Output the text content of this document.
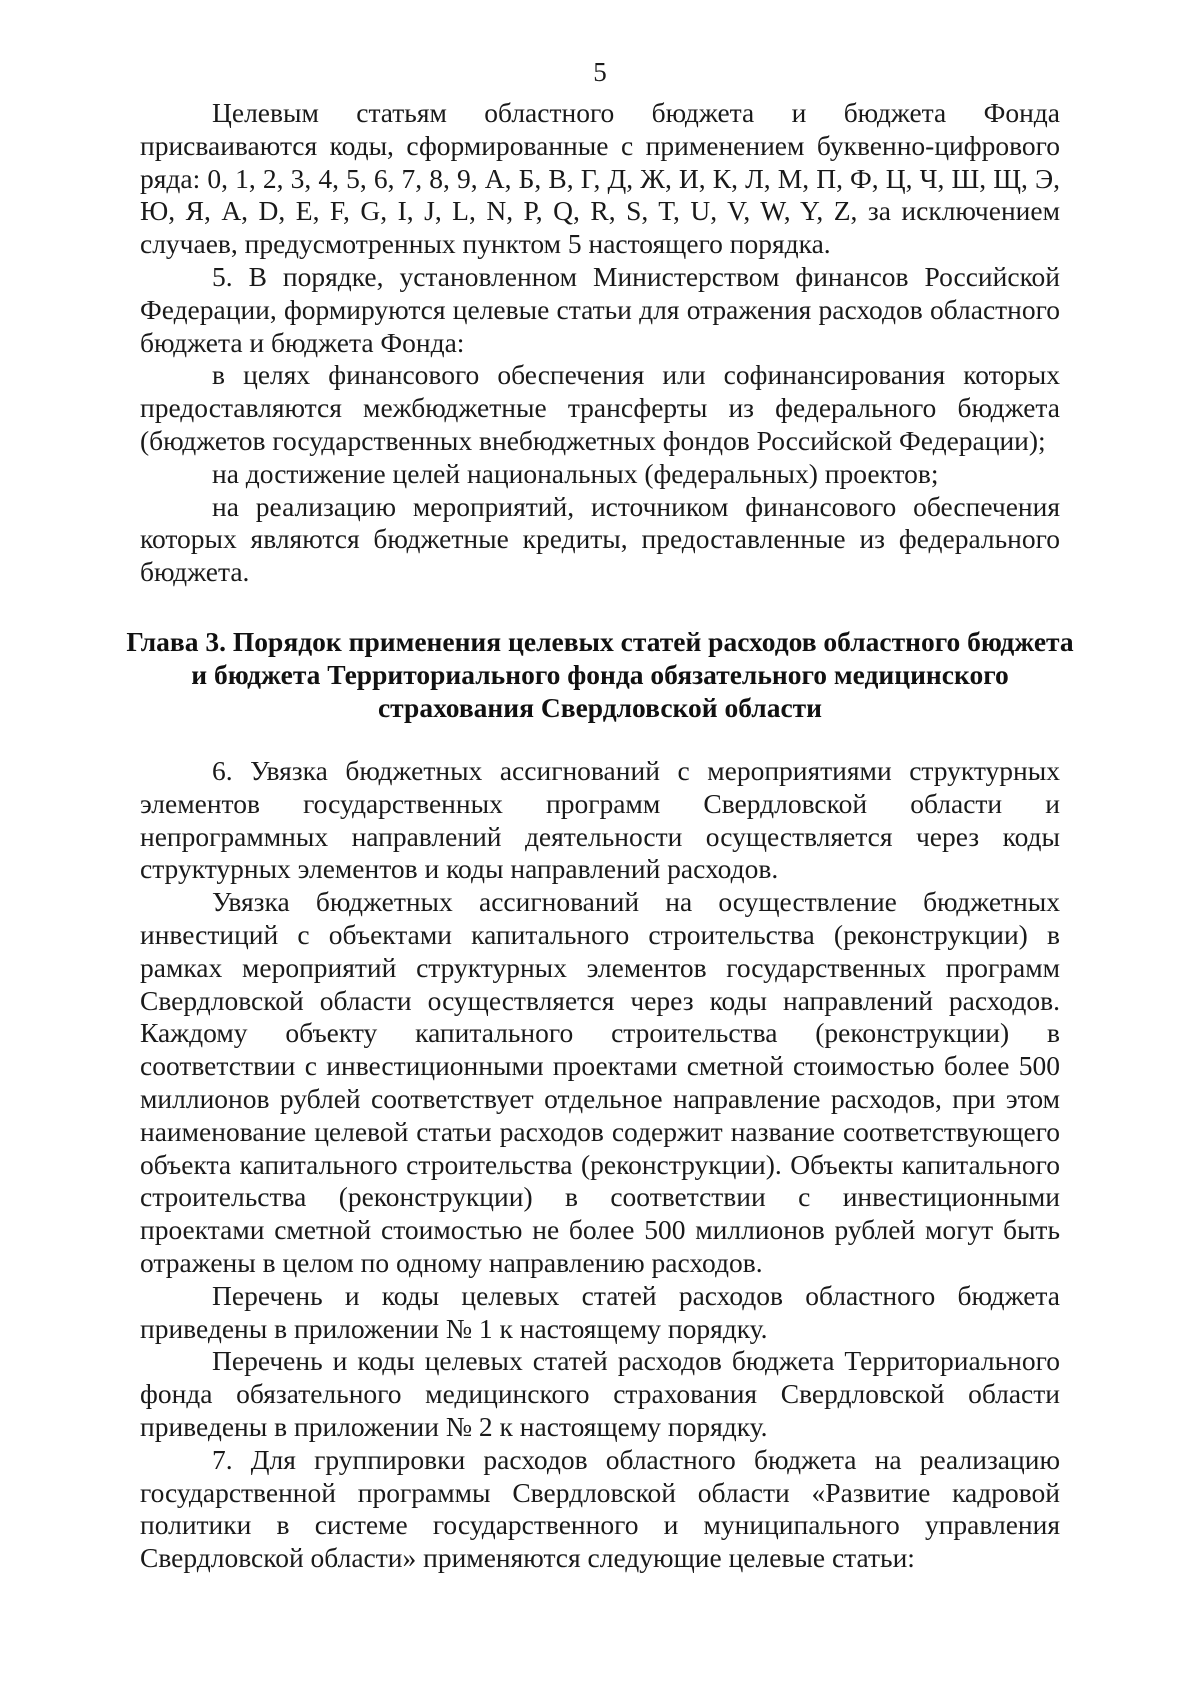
5

Целевым статьям областного бюджета и бюджета Фонда присваиваются коды, сформированные с применением буквенно-цифрового ряда: 0, 1, 2, 3, 4, 5, 6, 7, 8, 9, А, Б, В, Г, Д, Ж, И, К, Л, М, П, Ф, Ц, Ч, Ш, Щ, Э, Ю, Я, A, D, E, F, G, I, J, L, N, P, Q, R, S, T, U, V, W, Y, Z, за исключением случаев, предусмотренных пунктом 5 настоящего порядка.

5. В порядке, установленном Министерством финансов Российской Федерации, формируются целевые статьи для отражения расходов областного бюджета и бюджета Фонда:

в целях финансового обеспечения или софинансирования которых предоставляются межбюджетные трансферты из федерального бюджета (бюджетов государственных внебюджетных фондов Российской Федерации);

на достижение целей национальных (федеральных) проектов;

на реализацию мероприятий, источником финансового обеспечения которых являются бюджетные кредиты, предоставленные из федерального бюджета.

Глава 3. Порядок применения целевых статей расходов областного бюджета
и бюджета Территориального фонда обязательного медицинского
страхования Свердловской области

6. Увязка бюджетных ассигнований с мероприятиями структурных элементов государственных программ Свердловской области и непрограммных направлений деятельности осуществляется через коды структурных элементов и коды направлений расходов.

Увязка бюджетных ассигнований на осуществление бюджетных инвестиций с объектами капитального строительства (реконструкции) в рамках мероприятий структурных элементов государственных программ Свердловской области осуществляется через коды направлений расходов. Каждому объекту капитального строительства (реконструкции) в соответствии с инвестиционными проектами сметной стоимостью более 500 миллионов рублей соответствует отдельное направление расходов, при этом наименование целевой статьи расходов содержит название соответствующего объекта капитального строительства (реконструкции). Объекты капитального строительства (реконструкции) в соответствии с инвестиционными проектами сметной стоимостью не более 500 миллионов рублей могут быть отражены в целом по одному направлению расходов.

Перечень и коды целевых статей расходов областного бюджета приведены в приложении № 1 к настоящему порядку.

Перечень и коды целевых статей расходов бюджета Территориального фонда обязательного медицинского страхования Свердловской области приведены в приложении № 2 к настоящему порядку.

7. Для группировки расходов областного бюджета на реализацию государственной программы Свердловской области «Развитие кадровой политики в системе государственного и муниципального управления Свердловской области» применяются следующие целевые статьи:
